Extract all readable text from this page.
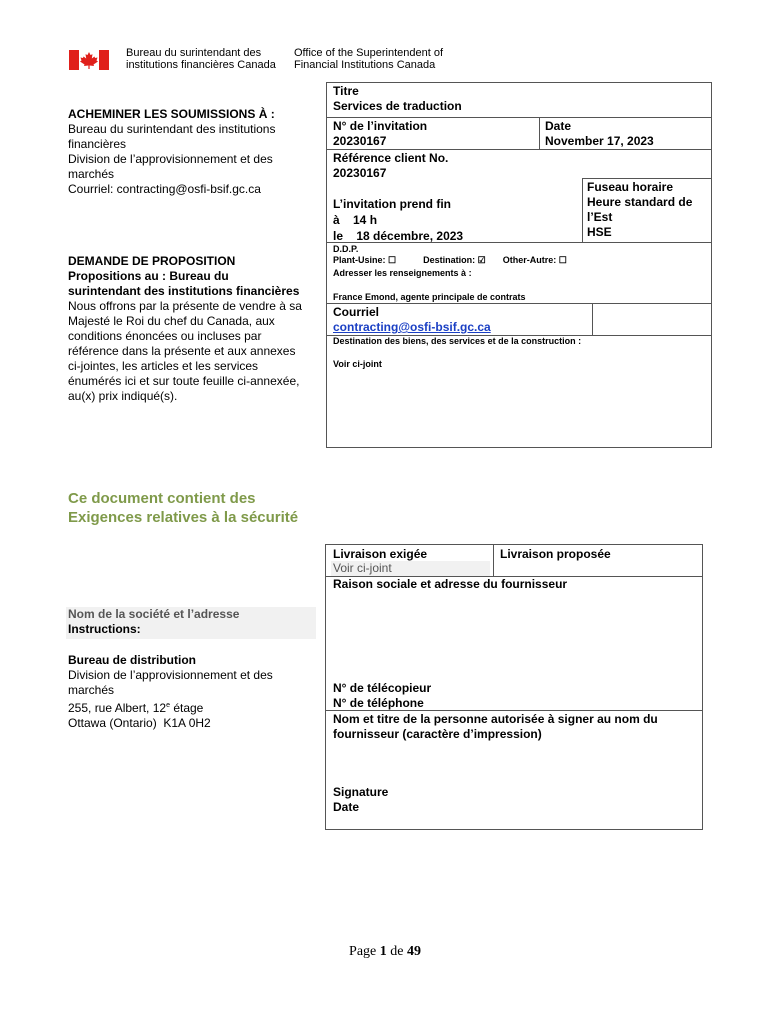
Bureau du surintendant des
institutions financières Canada
Office of the Superintendent of
Financial Institutions Canada
ACHEMINER LES SOUMISSIONS À :
Bureau du surintendant des institutions
financières
Division de l’approvisionnement et des
marchés
Courriel: contracting@osfi-bsif.gc.ca
DEMANDE DE PROPOSITION
Propositions au : Bureau du
surintendant des institutions financières
Nous offrons par la présente de vendre à sa
Majesté le Roi du chef du Canada, aux
conditions énoncées ou incluses par
référence dans la présente et aux annexes
ci-jointes, les articles et les services
énumérés ici et sur toute feuille ci-annexée,
au(x) prix indiqué(s).
Titre
Services de traduction
N° de l’invitation
20230167
Date
November 17, 2023
Référence client No.
20230167
L’invitation prend fin
à    14 h
le    18 décembre, 2023
Fuseau horaire
Heure standard de
l’Est
HSE
D.D.P.
Plant-Usine: ☐	Destination: ☑ Other-Autre: ☐
Adresser les renseignements à :
France Emond, agente principale de contrats
Courriel
contracting@osfi-bsif.gc.ca
Destination des biens, des services et de la construction :
Voir ci-joint
Ce document contient des
Exigences relatives à la sécurité
Nom de la société et l’adresse
Instructions:
Bureau de distribution
Division de l’approvisionnement et des
marchés
255, rue Albert, 12e étage
Ottawa (Ontario)  K1A 0H2
Livraison exigée
Voir ci-joint
Livraison proposée
Raison sociale et adresse du fournisseur
N° de télécopieur
N° de téléphone
Nom et titre de la personne autorisée à signer au nom du
fournisseur (caractère d’impression)
Signature
Date
Page 1 de 49
